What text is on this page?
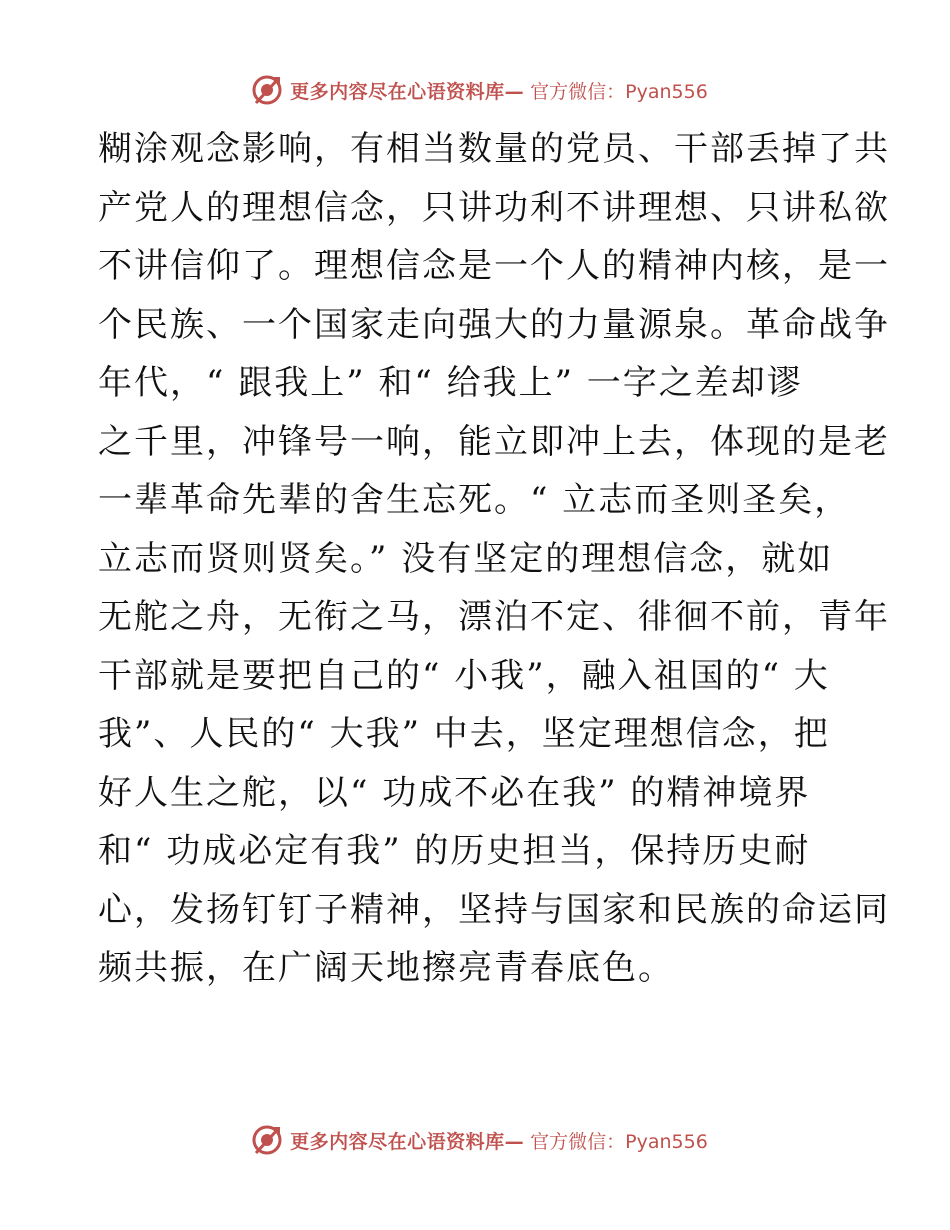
更多内容尽在心语资料库— 官方微信：Pyan556
糊涂观念影响，有相当数量的党员、干部丢掉了共
产党人的理想信念，只讲功利不讲理想、只讲私欲
不讲信仰了。理想信念是一个人的精神内核，是一
个民族、一个国家走向强大的力量源泉。革命战争
年代，“ 跟我上” 和“ 给我上” 一字之差却谬
之千里，冲锋号一响，能立即冲上去，体现的是老
一辈革命先辈的舍生忘死。“ 立志而圣则圣矣，
立志而贤则贤矣。” 没有坚定的理想信念，就如
无舵之舟，无衔之马，漂泊不定、徘徊不前，青年
干部就是要把自己的“ 小我”，融入祖国的“ 大
我”、人民的“ 大我” 中去，坚定理想信念，把
好人生之舵，以“ 功成不必在我” 的精神境界
和“ 功成必定有我” 的历史担当，保持历史耐
心，发扬钉钉子精神，坚持与国家和民族的命运同
频共振，在广阔天地擦亮青春底色。
更多内容尽在心语资料库— 官方微信：Pyan556
